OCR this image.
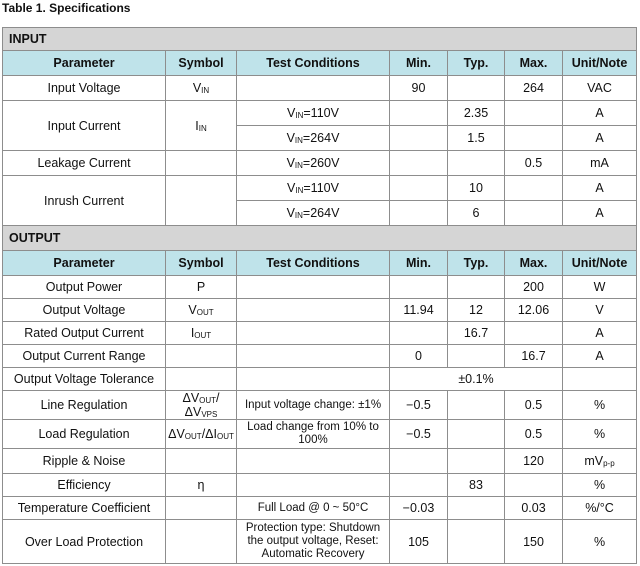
Table 1. Specifications
INPUT						
Parameter	Symbol	Test Conditions	Min.	Typ.	Max.	Unit/Note
Input Voltage	$V_{IN}$		90		264	VAC
Input Current	$I_{IN}$	$V_{IN}=110V$		2.35		A
		$V_{IN}=264V$		1.5		A
Leakage Current		$V_{IN}=260V$			0.5	mA
Inrush Current		$V_{IN}=110V$		10		A
		$V_{IN}=264V$		6		A
OUTPUT						
Parameter	Symbol	Test Conditions	Min.	Typ.	Max.	Unit/Note
Output Power	P				200	W
Output Voltage	$V_{OUT}$		11.94	12	12.06	V
Rated Output Current	$I_{OUT}$			16.7		A
Output Current Range			0		16.7	A
Output Voltage Tolerance			±0.1%			
Line Regulation	$\Delta V_{OUT}/\Delta V_{VPS}$	Input voltage change: ±1%	−0.5		0.5	%
Load Regulation	$\Delta V_{OUT}/\Delta I_{OUT}$	Load change from 10% to 100%	−0.5		0.5	%
Ripple & Noise					120	$mV_{p-p}$
Efficiency	η			83		%
Temperature Coefficient		Full Load @ 0 ~ 50°C	−0.03		0.03	%/°C
Over Load Protection		Protection type: Shutdown the output voltage, Reset: Automatic Recovery	105		150	%
